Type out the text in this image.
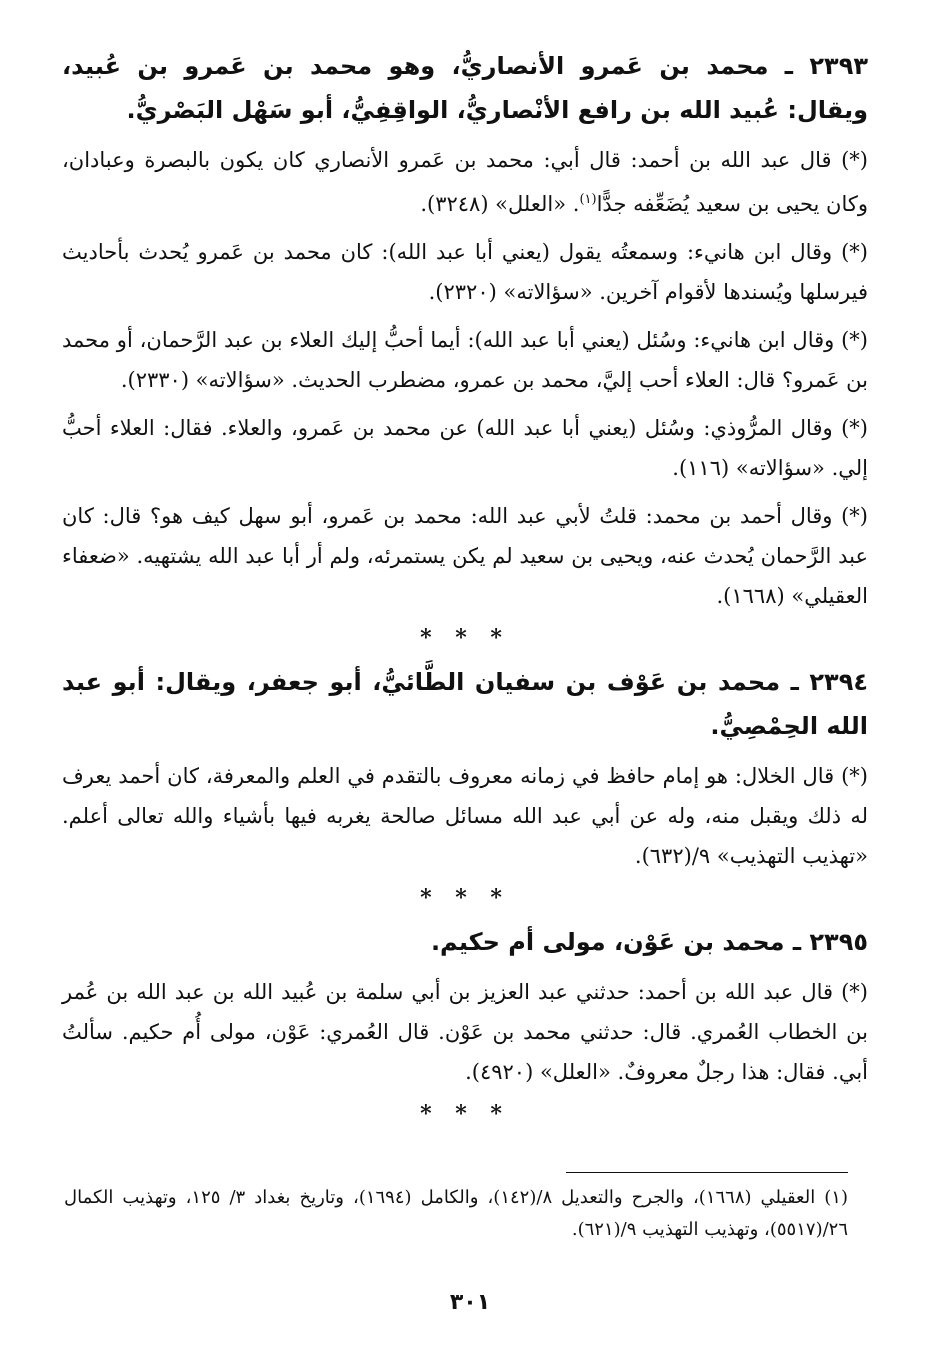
٢٣٩٣ ـ محمد بن عَمرو الأنصاريُّ، وهو محمد بن عَمرو بن عُبيد، ويقال: عُبيد الله بن رافع الأنْصاريُّ، الواقِفِيُّ، أبو سَهْل البَصْريُّ.

(*) قال عبد الله بن أحمد: قال أبي: محمد بن عَمرو الأنصاري كان يكون بالبصرة وعبادان، وكان يحيى بن سعيد يُضَعِّفه جدًّا$^{(١)}$. «العلل» (٣٢٤٨).

(*) وقال ابن هانيء: وسمعتُه يقول (يعني أبا عبد الله): كان محمد بن عَمرو يُحدث بأحاديث فيرسلها ويُسندها لأقوام آخرين. «سؤالاته» (٢٣٢٠).

(*) وقال ابن هانيء: وسُئل (يعني أبا عبد الله): أيما أحبُّ إليك العلاء بن عبد الرَّحمان، أو محمد بن عَمرو؟ قال: العلاء أحب إليَّ، محمد بن عمرو، مضطرب الحديث. «سؤالاته» (٢٣٣٠).

(*) وقال المرُّوذي: وسُئل (يعني أبا عبد الله) عن محمد بن عَمرو، والعلاء. فقال: العلاء أحبُّ إلي. «سؤالاته» (١١٦).

(*) وقال أحمد بن محمد: قلتُ لأبي عبد الله: محمد بن عَمرو، أبو سهل كيف هو؟ قال: كان عبد الرَّحمان يُحدث عنه، ويحيى بن سعيد لم يكن يستمرئه، ولم أر أبا عبد الله يشتهيه. «ضعفاء العقيلي» (١٦٦٨).

* * *
٢٣٩٤ ـ محمد بن عَوْف بن سفيان الطَّائيُّ، أبو جعفر، ويقال: أبو عبد الله الحِمْصِيُّ.

(*) قال الخلال: هو إمام حافظ في زمانه معروف بالتقدم في العلم والمعرفة، كان أحمد يعرف له ذلك ويقبل منه، وله عن أبي عبد الله مسائل صالحة يغربه فيها بأشياء والله تعالى أعلم. «تهذيب التهذيب» ٩/(٦٣٢).

* * *
٢٣٩٥ ـ محمد بن عَوْن، مولى أم حكيم.

(*) قال عبد الله بن أحمد: حدثني عبد العزيز بن أبي سلمة بن عُبيد الله بن عبد الله بن عُمر بن الخطاب العُمري. قال: حدثني محمد بن عَوْن. قال العُمري: عَوْن، مولى أُم حكيم. سألتُ أبي. فقال: هذا رجلٌ معروفٌ. «العلل» (٤٩٢٠).

* * *
(١) العقيلي (١٦٦٨)، والجرح والتعديل ٨/(١٤٢)، والكامل (١٦٩٤)، وتاريخ بغداد ٣/ ١٢٥، وتهذيب الكمال ٢٦/(٥٥١٧)، وتهذيب التهذيب ٩/(٦٢١).
٣٠١
